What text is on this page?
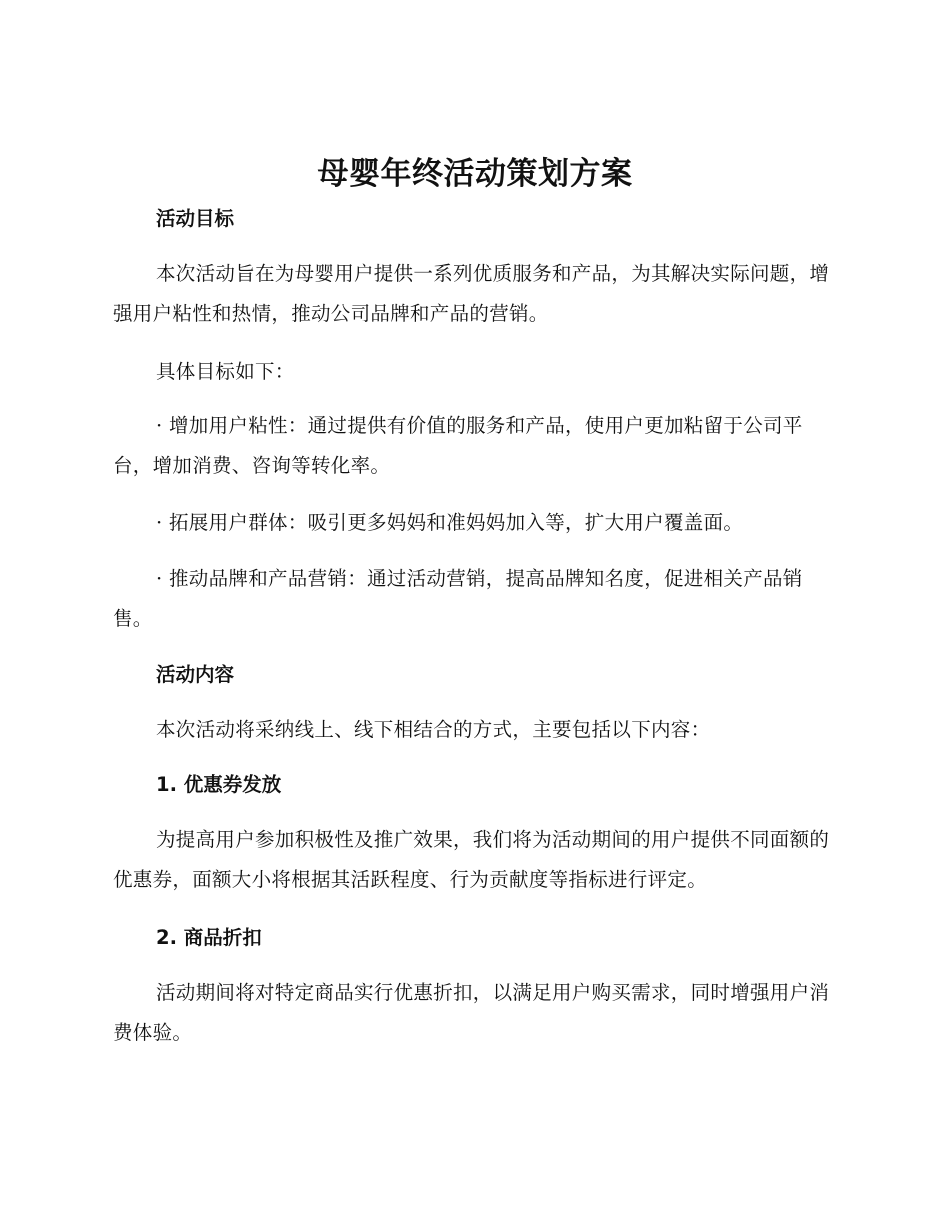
母婴年终活动策划方案
活动目标

本次活动旨在为母婴用户提供一系列优质服务和产品，为其解决实际问题，增强用户粘性和热情，推动公司品牌和产品的营销。

具体目标如下：

· 增加用户粘性：通过提供有价值的服务和产品，使用户更加粘留于公司平台，增加消费、咨询等转化率。

· 拓展用户群体：吸引更多妈妈和准妈妈加入等，扩大用户覆盖面。

· 推动品牌和产品营销：通过活动营销，提高品牌知名度，促进相关产品销售。

活动内容

本次活动将采纳线上、线下相结合的方式，主要包括以下内容：

1. 优惠券发放

为提高用户参加积极性及推广效果，我们将为活动期间的用户提供不同面额的优惠券，面额大小将根据其活跃程度、行为贡献度等指标进行评定。

2. 商品折扣

活动期间将对特定商品实行优惠折扣，以满足用户购买需求，同时增强用户消费体验。
